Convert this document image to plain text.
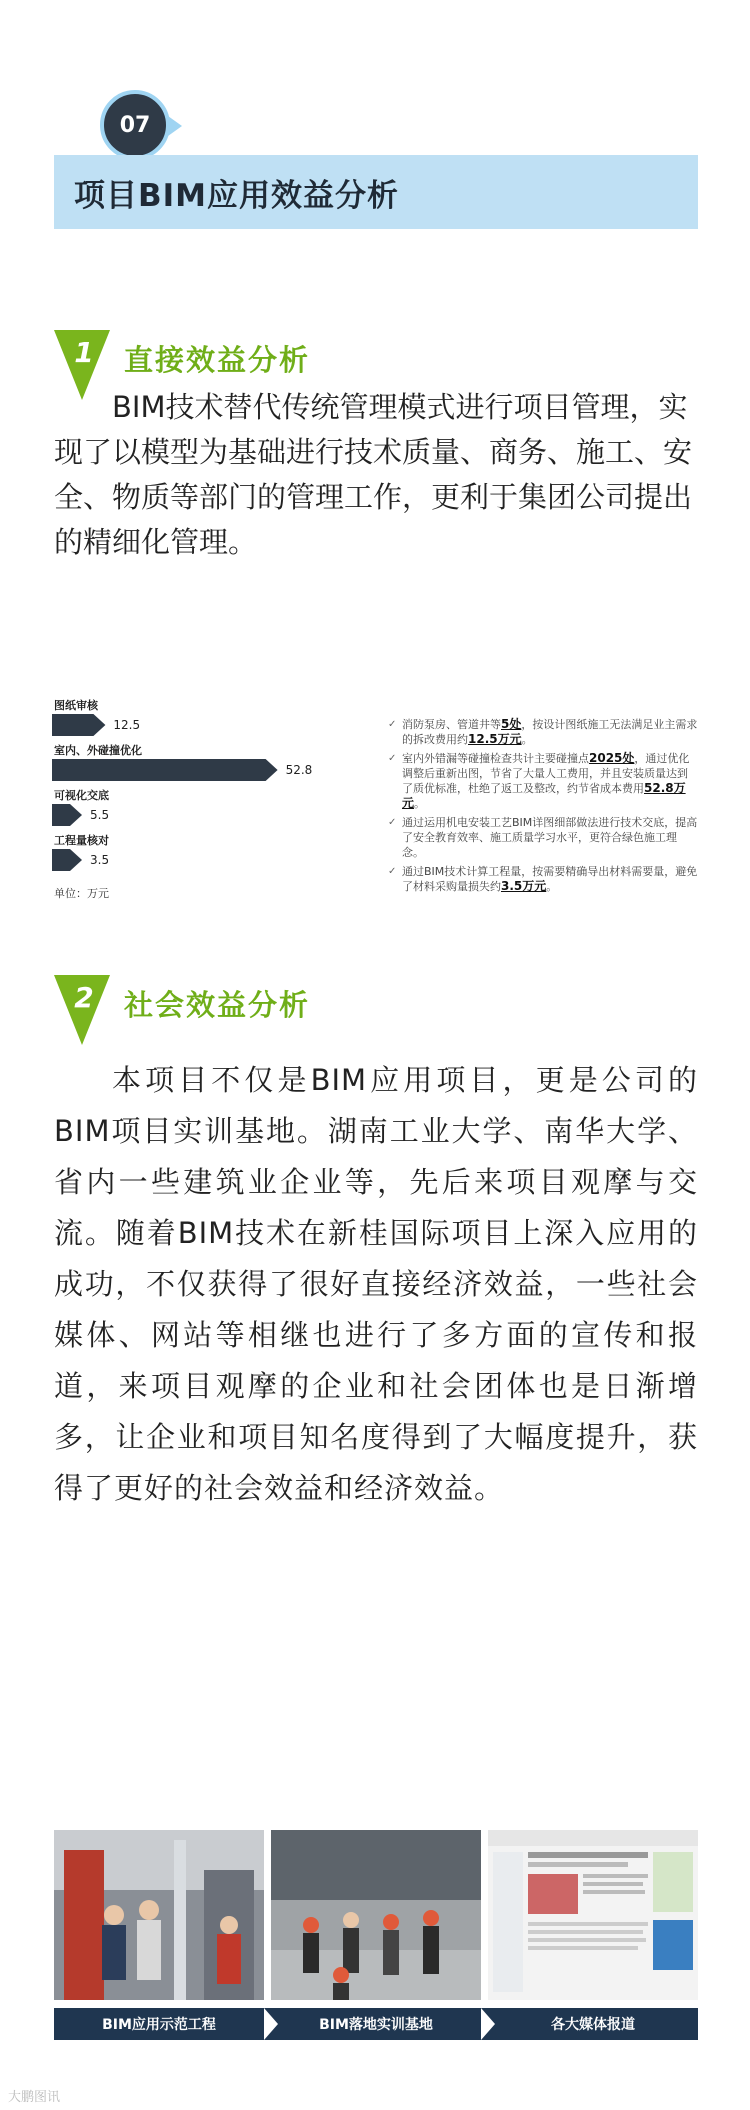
07
项目BIM应用效益分析
1 直接效益分析

BIM技术替代传统管理模式进行项目管理，实现了以模型为基础进行技术质量、商务、施工、安全、物质等部门的管理工作，更利于集团公司提出的精细化管理。

图纸审核
12.5
室内、外碰撞优化
52.8
可视化交底
5.5
工程量核对
3.5
单位：万元
✓ 消防泵房、管道井等5处，按设计图纸施工无法满足业主需求的拆改费用约12.5万元。
✓ 室内外错漏等碰撞检查共计主要碰撞点2025处，通过优化调整后重新出图，节省了大量人工费用，并且安装质量达到了质优标准，杜绝了返工及整改，约节省成本费用52.8万元。
✓ 通过运用机电安装工艺BIM详图细部做法进行技术交底，提高了安全教育效率、施工质量学习水平，更符合绿色施工理念。
✓ 通过BIM技术计算工程量，按需要精确导出材料需要量，避免了材料采购量损失约3.5万元。
2 社会效益分析

本项目不仅是BIM应用项目，更是公司的BIM项目实训基地。湖南工业大学、南华大学、省内一些建筑业企业等，先后来项目观摩与交流。随着BIM技术在新桂国际项目上深入应用的成功，不仅获得了很好直接经济效益，一些社会媒体、网站等相继也进行了多方面的宣传和报道，来项目观摩的企业和社会团体也是日渐增多，让企业和项目知名度得到了大幅度提升，获得了更好的社会效益和经济效益。

BIM应用示范工程	BIM落地实训基地	各大媒体报道
大鹏图讯
